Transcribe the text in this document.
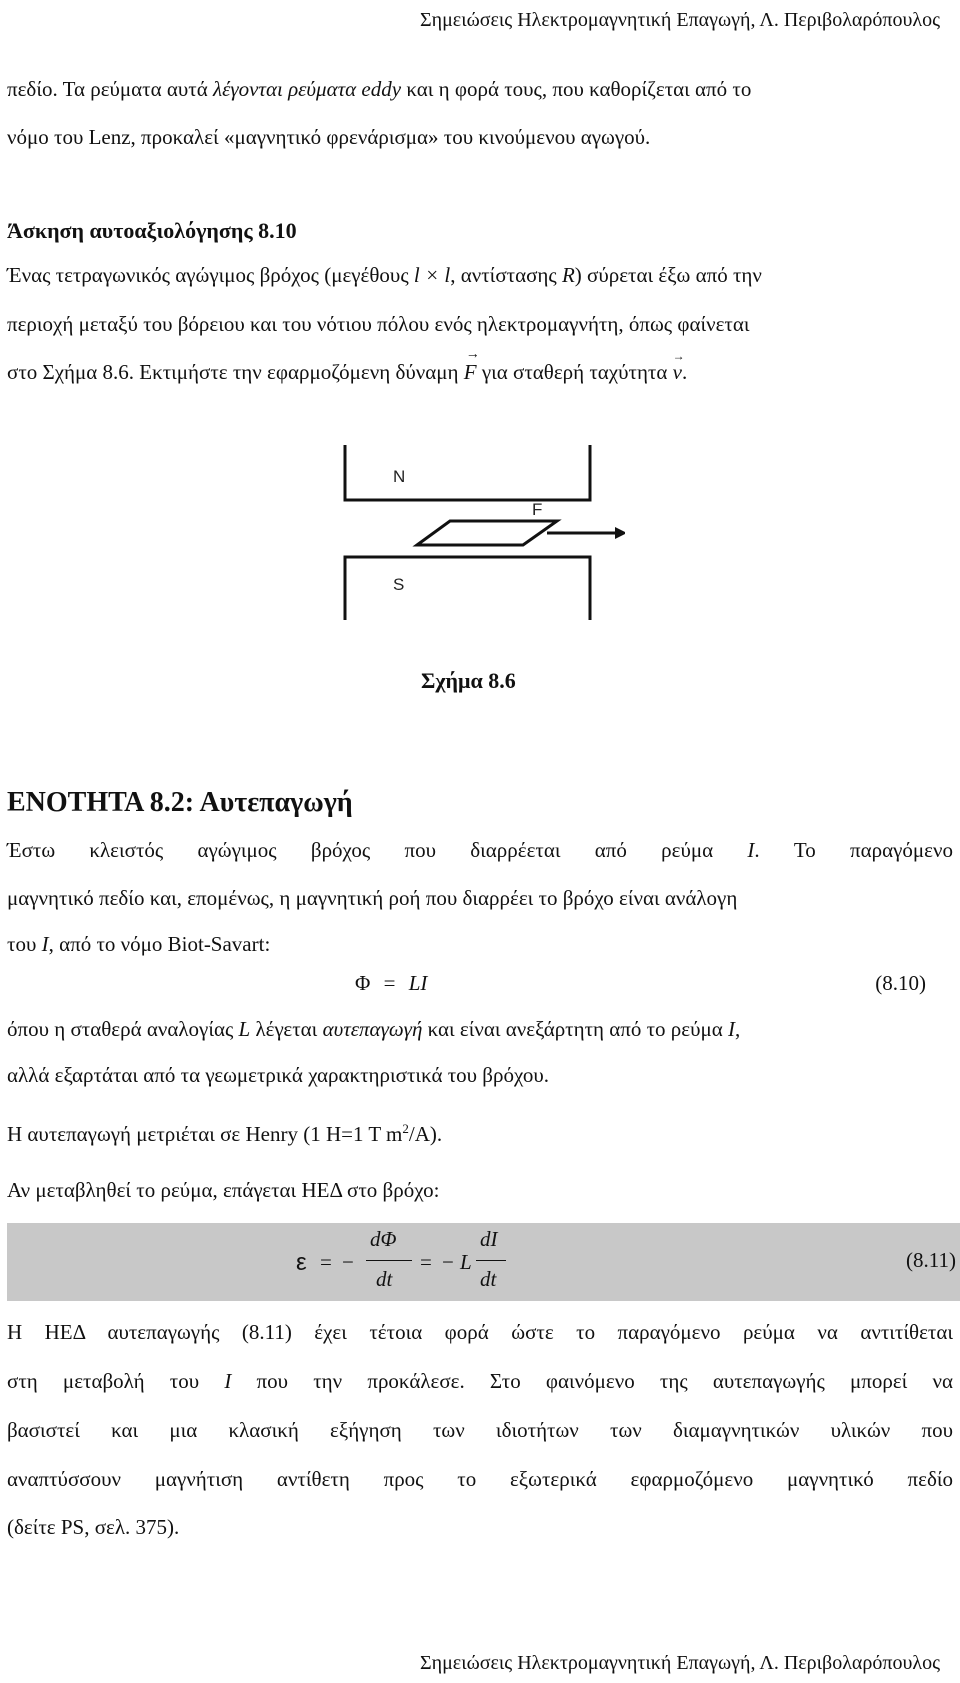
Σημειώσεις Ηλεκτρομαγνητική Επαγωγή, Λ. Περιβολαρόπουλος
πεδίο. Τα ρεύματα αυτά λέγονται ρεύματα eddy και η φορά τους, που καθορίζεται από το
νόμο του Lenz, προκαλεί «μαγνητικό φρενάρισμα» του κινούμενου αγωγού.
Άσκηση αυτοαξιολόγησης 8.10
Ένας τετραγωνικός αγώγιμος βρόχος (μεγέθους l × l, αντίστασης R) σύρεται έξω από την
περιοχή μεταξύ του βόρειου και του νότιου πόλου ενός ηλεκτρομαγνήτη, όπως φαίνεται
στο Σχήμα 8.6. Εκτιμήστε την εφαρμοζόμενη δύναμη F
→
για σταθερή ταχύτητα v
→
.
N
S
F
Σχήμα 8.6
ΕΝΟΤΗΤΑ 8.2: Αυτεπαγωγή
Έστω κλειστός αγώγιμος βρόχος που διαρρέεται από ρεύμα I. Το παραγόμενο
μαγνητικό πεδίο και, επομένως, η μαγνητική ροή που διαρρέει το βρόχο είναι ανάλογη
του I, από το νόμο Biot-Savart:
Φ = LI	(8.10)
όπου η σταθερά αναλογίας L λέγεται αυτεπαγωγή και είναι ανεξάρτητη από το ρεύμα I,
αλλά εξαρτάται από τα γεωμετρικά χαρακτηριστικά του βρόχου.
Η αυτεπαγωγή μετριέται σε Henry (1 H=1 T $m^2/A$).
Αν μεταβληθεί το ρεύμα, επάγεται ΗΕΔ στο βρόχο:
ε = −
dΦ
dt
= − L
dI
dt
(8.11)
Η ΗΕΔ αυτεπαγωγής (8.11) έχει τέτοια φορά ώστε το παραγόμενο ρεύμα να αντιτίθεται
στη μεταβολή του I που την προκάλεσε. Στο φαινόμενο της αυτεπαγωγής μπορεί να
βασιστεί και μια κλασική εξήγηση των ιδιοτήτων των διαμαγνητικών υλικών που
αναπτύσσουν μαγνήτιση αντίθετη προς το εξωτερικά εφαρμοζόμενο μαγνητικό πεδίο
(δείτε PS, σελ. 375).
Σημειώσεις Ηλεκτρομαγνητική Επαγωγή, Λ. Περιβολαρόπουλος
